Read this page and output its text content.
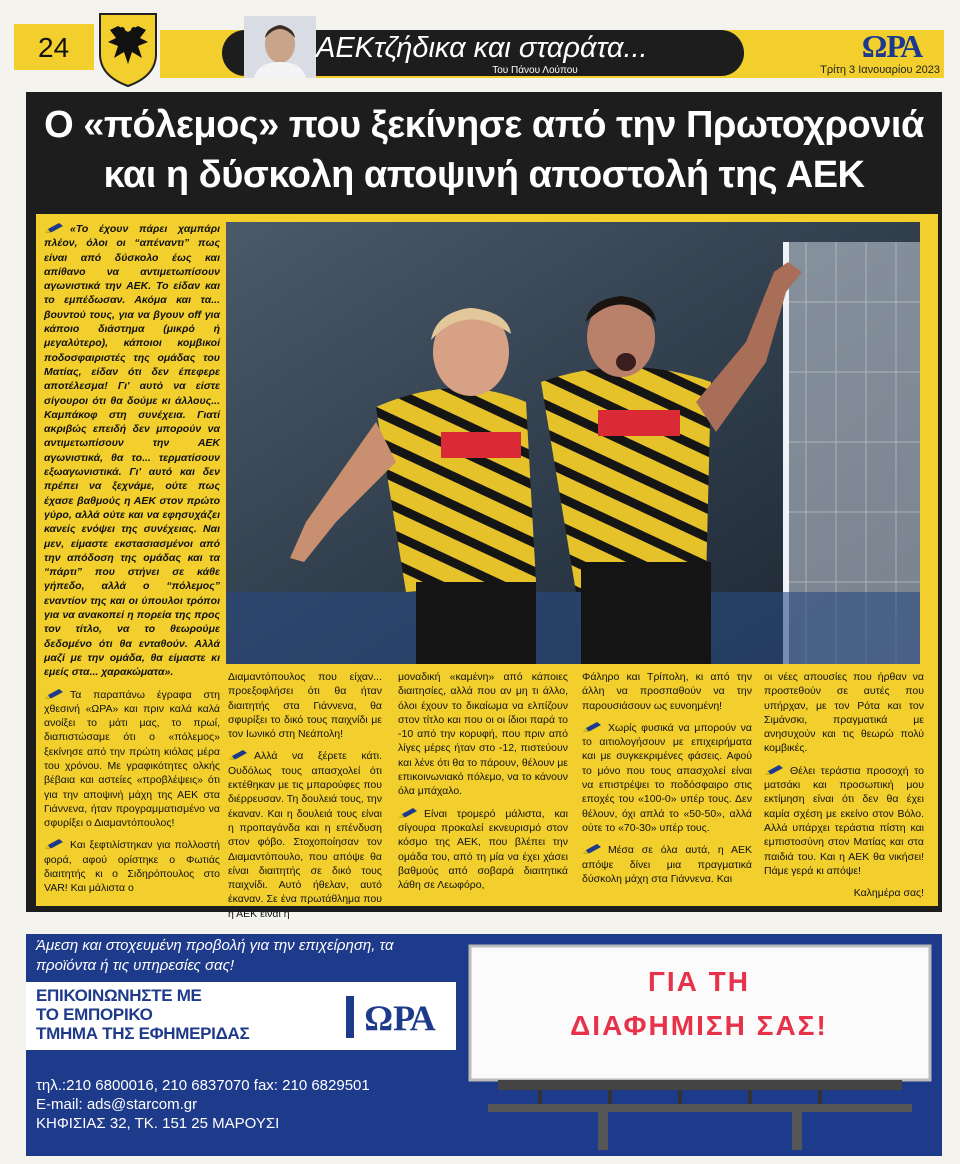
24	ΑΕΚτζήδικα και σταράτα...
Του Πάνου Λούπου
ΩΡΑ
Τρίτη 3 Ιανουαρίου 2023
Ο «πόλεμος» που ξεκίνησε από την Πρωτοχρονιά
και η δύσκολη αποψινή αποστολή της ΑΕΚ

«Το έχουν πάρει χαμπάρι πλέον, όλοι οι “απέναντι” πως είναι από δύσκολο έως και απίθανο να αντιμετωπίσουν αγωνιστικά την ΑΕΚ. Το είδαν και το εμπέδωσαν. Ακόμα και τα... βουντού τους, για να βγουν off για κάποιο διάστημα (μικρό ή μεγαλύτερο), κάποιοι κομβικοί ποδοσφαιριστές της ομάδας του Ματίας, είδαν ότι δεν έπεφερε αποτέλεσμα! Γι' αυτό να είστε σίγουροι ότι θα δούμε κι άλλους... Καμπάκοφ στη συνέχεια. Γιατί ακριβώς επειδή δεν μπορούν να αντιμετωπίσουν την ΑΕΚ αγωνιστικά, θα το... τερματίσουν εξωαγωνιστικά. Γι' αυτό και δεν πρέπει να ξεχνάμε, ούτε πως έχασε βαθμούς η ΑΕΚ στον πρώτο γύρο, αλλά ούτε και να εφησυχάζει κανείς ενόψει της συνέχειας. Ναι μεν, είμαστε εκστασιασμένοι από την απόδοση της ομάδας και τα “πάρτι” που στήνει σε κάθε γήπεδο, αλλά ο “πόλεμος” εναντίον της και οι ύπουλοι τρόποι για να ανακοπεί η πορεία της προς τον τίτλο, να το θεωρούμε δεδομένο ότι θα ενταθούν. Αλλά μαζί με την ομάδα, θα είμαστε κι εμείς στα... χαρακώματα».

Τα παραπάνω έγραφα στη χθεσινή «ΩΡΑ» και πριν καλά καλά ανοίξει το μάτι μας, το πρωί, διαπιστώσαμε ότι ο «πόλεμος» ξεκίνησε από την πρώτη κιόλας μέρα του χρόνου. Με γραφικότητες ολκής βέβαια και αστείες «προβλέψεις» ότι για την αποψινή μάχη της ΑΕΚ στα Γιάννενα, ήταν προγραμματισμένο να σφυρίξει ο Διαμαντόπουλος!

Και ξεφτιλίστηκαν για πολλοστή φορά, αφού ορίστηκε ο Φωτιάς διαιτητής κι ο Σιδηρόπουλος στο VAR! Και μάλιστα ο

Διαμαντόπουλος που είχαν... προεξοφλήσει ότι θα ήταν διαιτητής στα Γιάννενα, θα σφυρίξει το δικό τους παιχνίδι με τον Ιωνικό στη Νεάπολη!

Αλλά να ξέρετε κάτι. Ουδόλως τους απασχολεί ότι εκτέθηκαν με τις μπαρούφες που διέρρευσαν. Τη δουλειά τους, την έκαναν. Και η δουλειά τους είναι η προπαγάνδα και η επένδυση στον φόβο. Στοχοποίησαν τον Διαμαντόπουλο, που απόψε θα είναι διαιτητής σε δικό τους παιχνίδι. Αυτό ήθελαν, αυτό έκαναν. Σε ένα πρωτάθλημα που η ΑΕΚ είναι η

μοναδική «καμένη» από κάποιες διαιτησίες, αλλά που αν μη τι άλλο, όλοι έχουν το δικαίωμα να ελπίζουν στον τίτλο και που οι οι ίδιοι παρά το -10 από την κορυφή, που πριν από λίγες μέρες ήταν στο -12, πιστεύουν και λένε ότι θα το πάρουν, θέλουν με επικοινωνιακό πόλεμο, να το κάνουν όλα μπάχαλο.

Είναι τρομερό μάλιστα, και σίγουρα προκαλεί εκνευρισμό στον κόσμο της ΑΕΚ, που βλέπει την ομάδα του, από τη μία να έχει χάσει βαθμούς από σοβαρά διαιτητικά λάθη σε Λεωφόρο,

Φάληρο και Τρίπολη, κι από την άλλη να προσπαθούν να την παρουσιάσουν ως ευνοημένη!

Χωρίς φυσικά να μπορούν να το αιτιολογήσουν με επιχειρήματα και με συγκεκριμένες φάσεις. Αφού το μόνο που τους απασχολεί είναι να επιστρέψει το ποδόσφαιρο στις εποχές του «100-0» υπέρ τους. Δεν θέλουν, όχι απλά το «50-50», αλλά ούτε το «70-30» υπέρ τους.

Μέσα σε όλα αυτά, η ΑΕΚ απόψε δίνει μια πραγματικά δύσκολη μάχη στα Γιάννενα. Και

οι νέες απουσίες που ήρθαν να προστεθούν σε αυτές που υπήρχαν, με τον Ρότα και τον Σιμάνσκι, πραγματικά με ανησυχούν και τις θεωρώ πολύ κομβικές.

Θέλει τεράστια προσοχή το ματσάκι και προσωπική μου εκτίμηση είναι ότι δεν θα έχει καμία σχέση με εκείνο στον Βόλο. Αλλά υπάρχει τεράστια πίστη και εμπιστοσύνη στον Ματίας και στα παιδιά του. Και η ΑΕΚ θα νικήσει! Πάμε γερά κι απόψε!

Καλημέρα σας!

Άμεση και στοχευμένη προβολή για την επιχείρηση, τα προϊόντα ή τις υπηρεσίες σας!
ΕΠΙΚΟΙΝΩΝΗΣΤΕ ΜΕ
ΤΟ ΕΜΠΟΡΙΚΟ
ΤΜΗΜΑ ΤΗΣ ΕΦΗΜΕΡΙΔΑΣ	ΩΡΑ
τηλ.:210 6800016, 210 6837070 fax: 210 6829501
E-mail: ads@starcom.gr
ΚΗΦΙΣΙΑΣ 32, ΤΚ. 151 25 ΜΑΡΟΥΣΙ
ΓΙΑ ΤΗ
ΔΙΑΦΗΜΙΣΗ ΣΑΣ!
